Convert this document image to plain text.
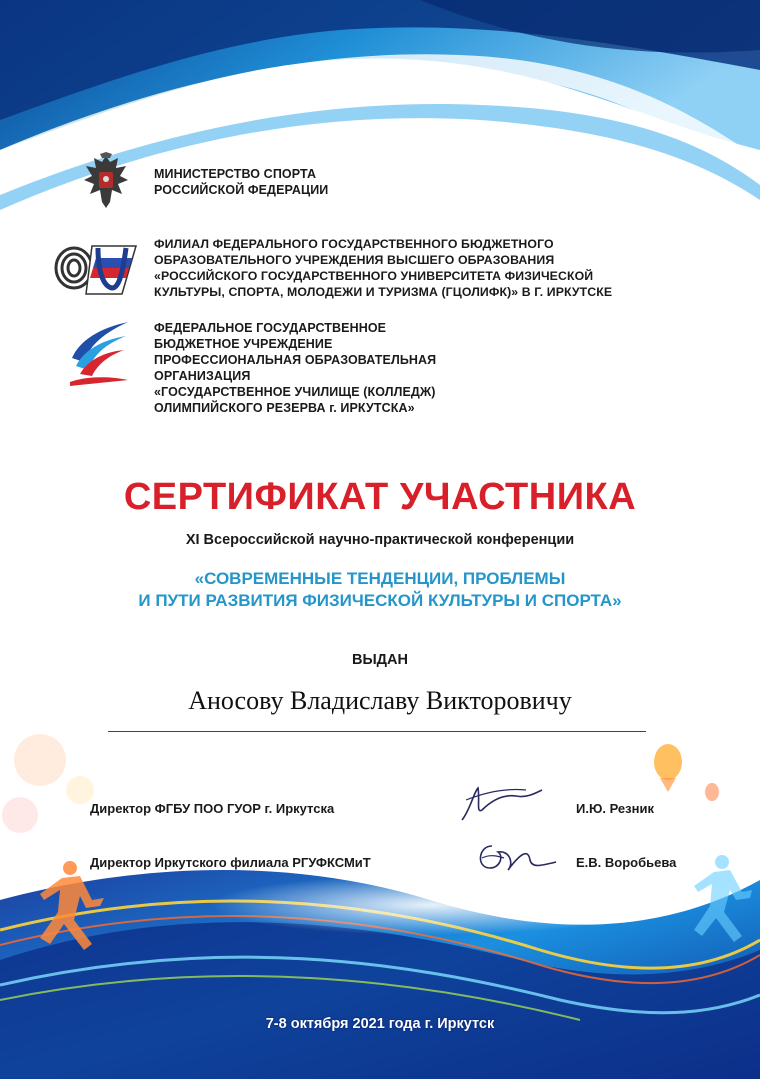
МИНИСТЕРСТВО СПОРТА
РОССИЙСКОЙ ФЕДЕРАЦИИ
ФИЛИАЛ ФЕДЕРАЛЬНОГО ГОСУДАРСТВЕННОГО БЮДЖЕТНОГО
ОБРАЗОВАТЕЛЬНОГО УЧРЕЖДЕНИЯ ВЫСШЕГО ОБРАЗОВАНИЯ
«РОССИЙСКОГО ГОСУДАРСТВЕННОГО УНИВЕРСИТЕТА ФИЗИЧЕСКОЙ
КУЛЬТУРЫ, СПОРТА, МОЛОДЕЖИ И ТУРИЗМА (ГЦОЛИФК)» В Г. ИРКУТСКЕ
ФЕДЕРАЛЬНОЕ ГОСУДАРСТВЕННОЕ
БЮДЖЕТНОЕ УЧРЕЖДЕНИЕ
ПРОФЕССИОНАЛЬНАЯ ОБРАЗОВАТЕЛЬНАЯ
ОРГАНИЗАЦИЯ
«ГОСУДАРСТВЕННОЕ УЧИЛИЩЕ (КОЛЛЕДЖ)
ОЛИМПИЙСКОГО РЕЗЕРВА г. ИРКУТСКА»
СЕРТИФИКАТ УЧАСТНИКА
XI Всероссийской научно-практической конференции
«СОВРЕМЕННЫЕ ТЕНДЕНЦИИ, ПРОБЛЕМЫ
И ПУТИ РАЗВИТИЯ ФИЗИЧЕСКОЙ КУЛЬТУРЫ И СПОРТА»
ВЫДАН
Аносову Владиславу Викторовичу
Директор ФГБУ ПОО ГУОР г. Иркутска	И.Ю. Резник
Директор Иркутского филиала РГУФКСМиТ	Е.В. Воробьева
7-8 октября 2021 года г. Иркутск
